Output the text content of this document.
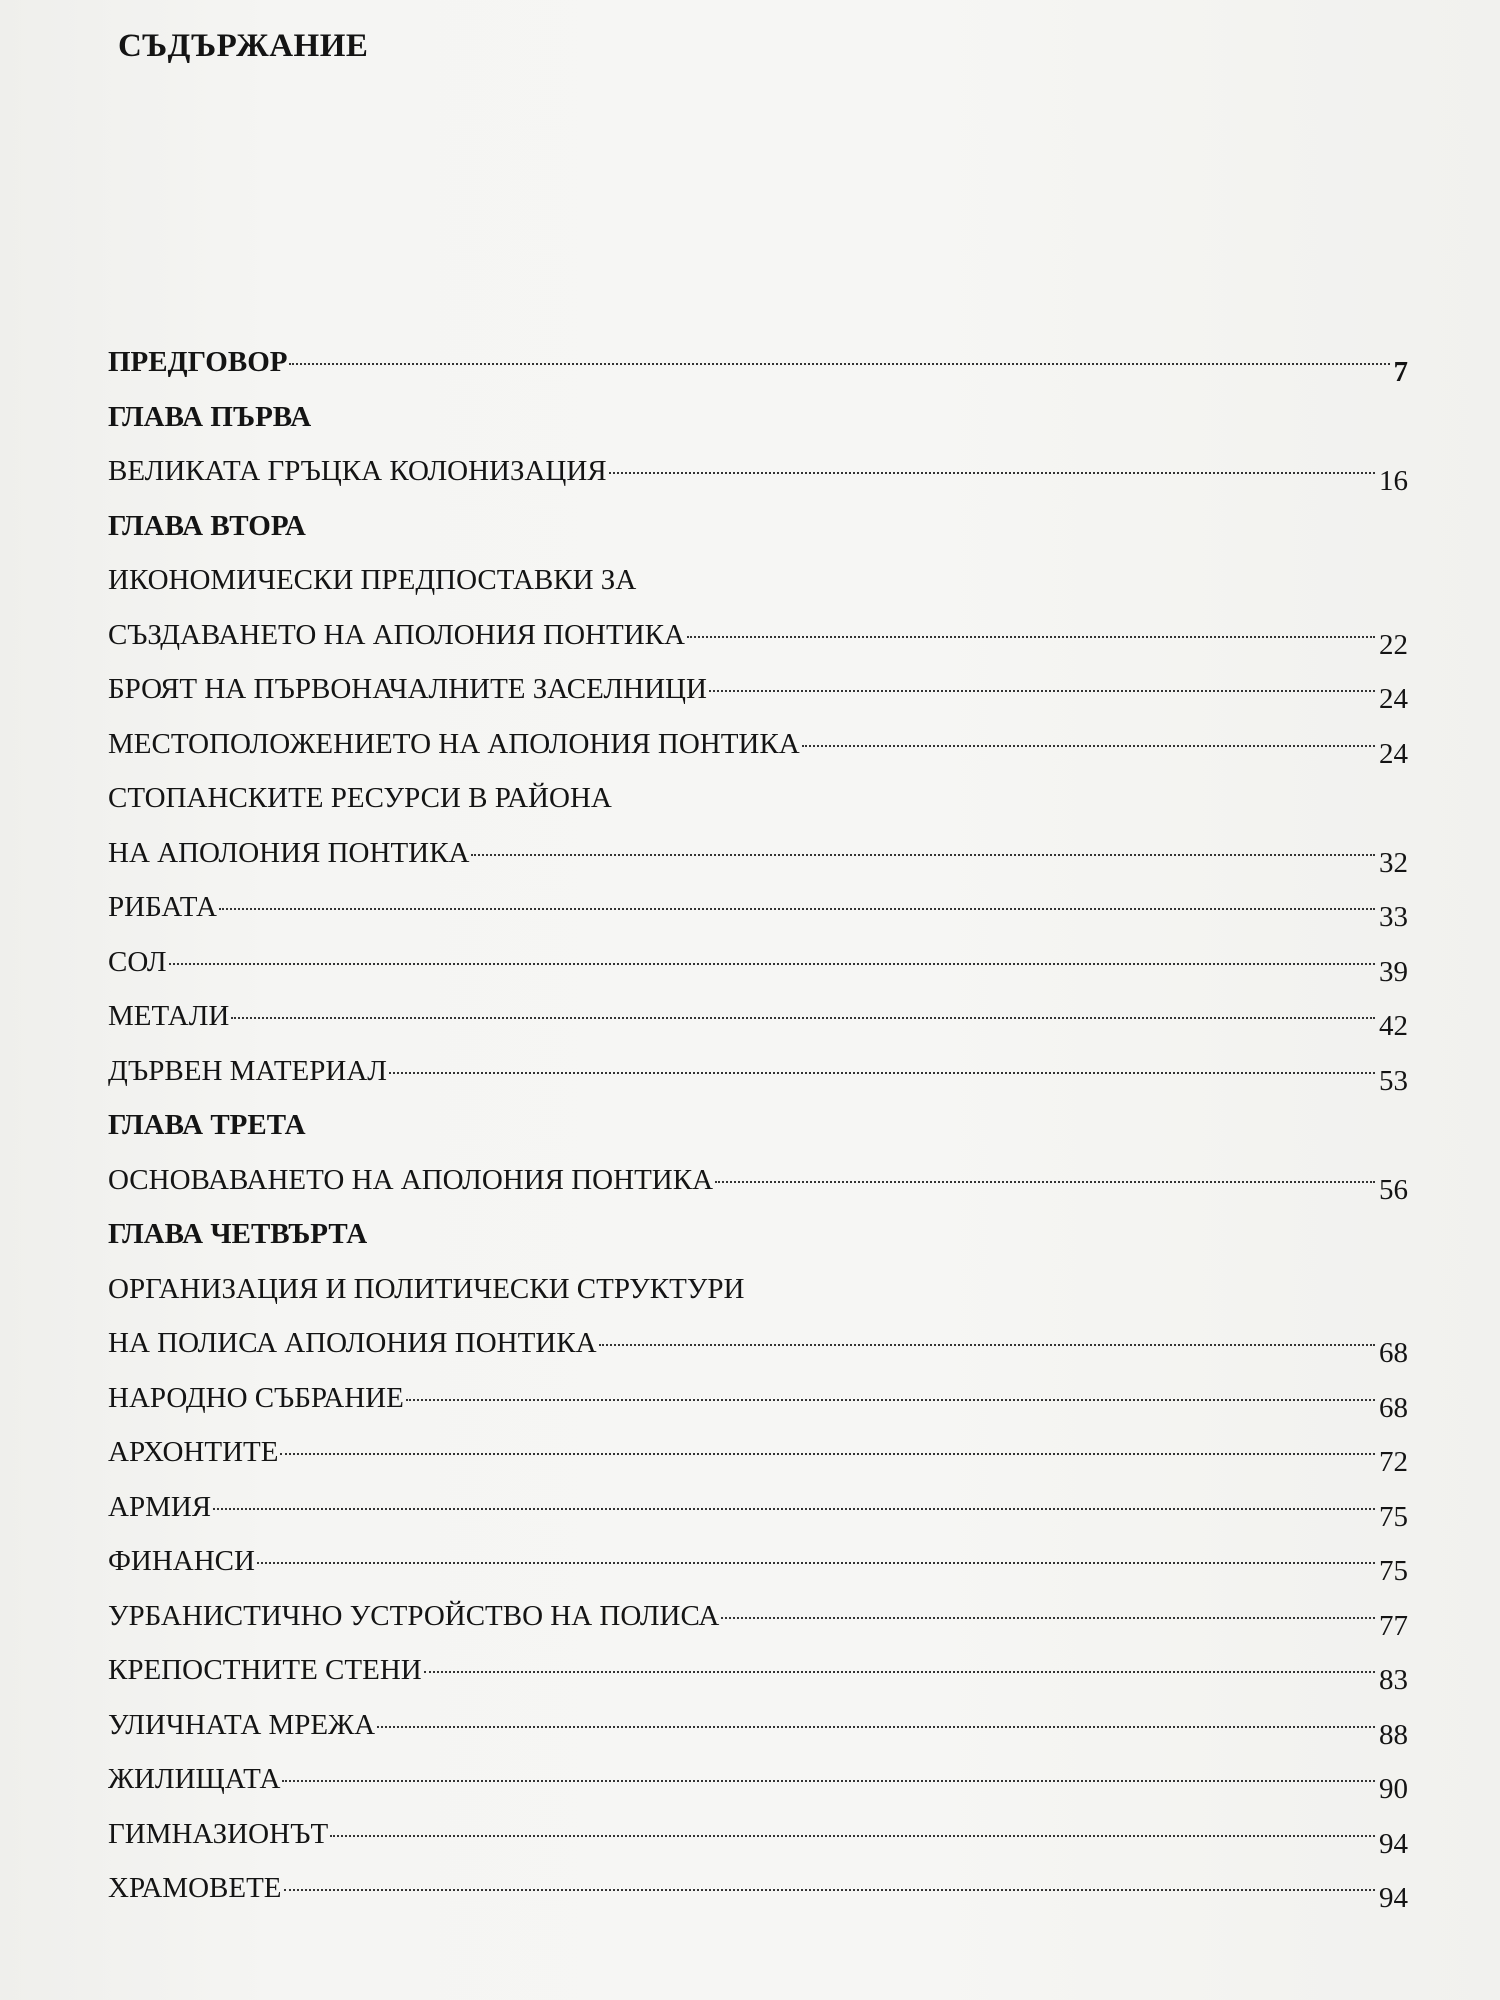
СЪДЪРЖАНИЕ
ПРЕДГОВОР	7
ГЛАВА ПЪРВА
ВЕЛИКАТА ГРЪЦКА КОЛОНИЗАЦИЯ	16
ГЛАВА ВТОРА
ИКОНОМИЧЕСКИ ПРЕДПОСТАВКИ ЗА
СЪЗДАВАНЕТО НА АПОЛОНИЯ ПОНТИКА	22
БРОЯТ НА ПЪРВОНАЧАЛНИТЕ ЗАСЕЛНИЦИ	24
МЕСТОПОЛОЖЕНИЕТО НА АПОЛОНИЯ ПОНТИКА	24
СТОПАНСКИТЕ РЕСУРСИ В РАЙОНА
НА АПОЛОНИЯ ПОНТИКА	32
РИБАТА	33
СОЛ	39
МЕТАЛИ	42
ДЪРВЕН МАТЕРИАЛ	53
ГЛАВА ТРЕТА
ОСНОВАВАНЕТО НА АПОЛОНИЯ ПОНТИКА	56
ГЛАВА ЧЕТВЪРТА
ОРГАНИЗАЦИЯ И ПОЛИТИЧЕСКИ СТРУКТУРИ
НА ПОЛИСА АПОЛОНИЯ ПОНТИКА	68
НАРОДНО СЪБРАНИЕ	68
АРХОНТИТЕ	72
АРМИЯ	75
ФИНАНСИ	75
УРБАНИСТИЧНО УСТРОЙСТВО НА ПОЛИСА	77
КРЕПОСТНИТЕ СТЕНИ	83
УЛИЧНАТА МРЕЖА	88
ЖИЛИЩАТА	90
ГИМНАЗИОНЪТ	94
ХРАМОВЕТЕ	94
